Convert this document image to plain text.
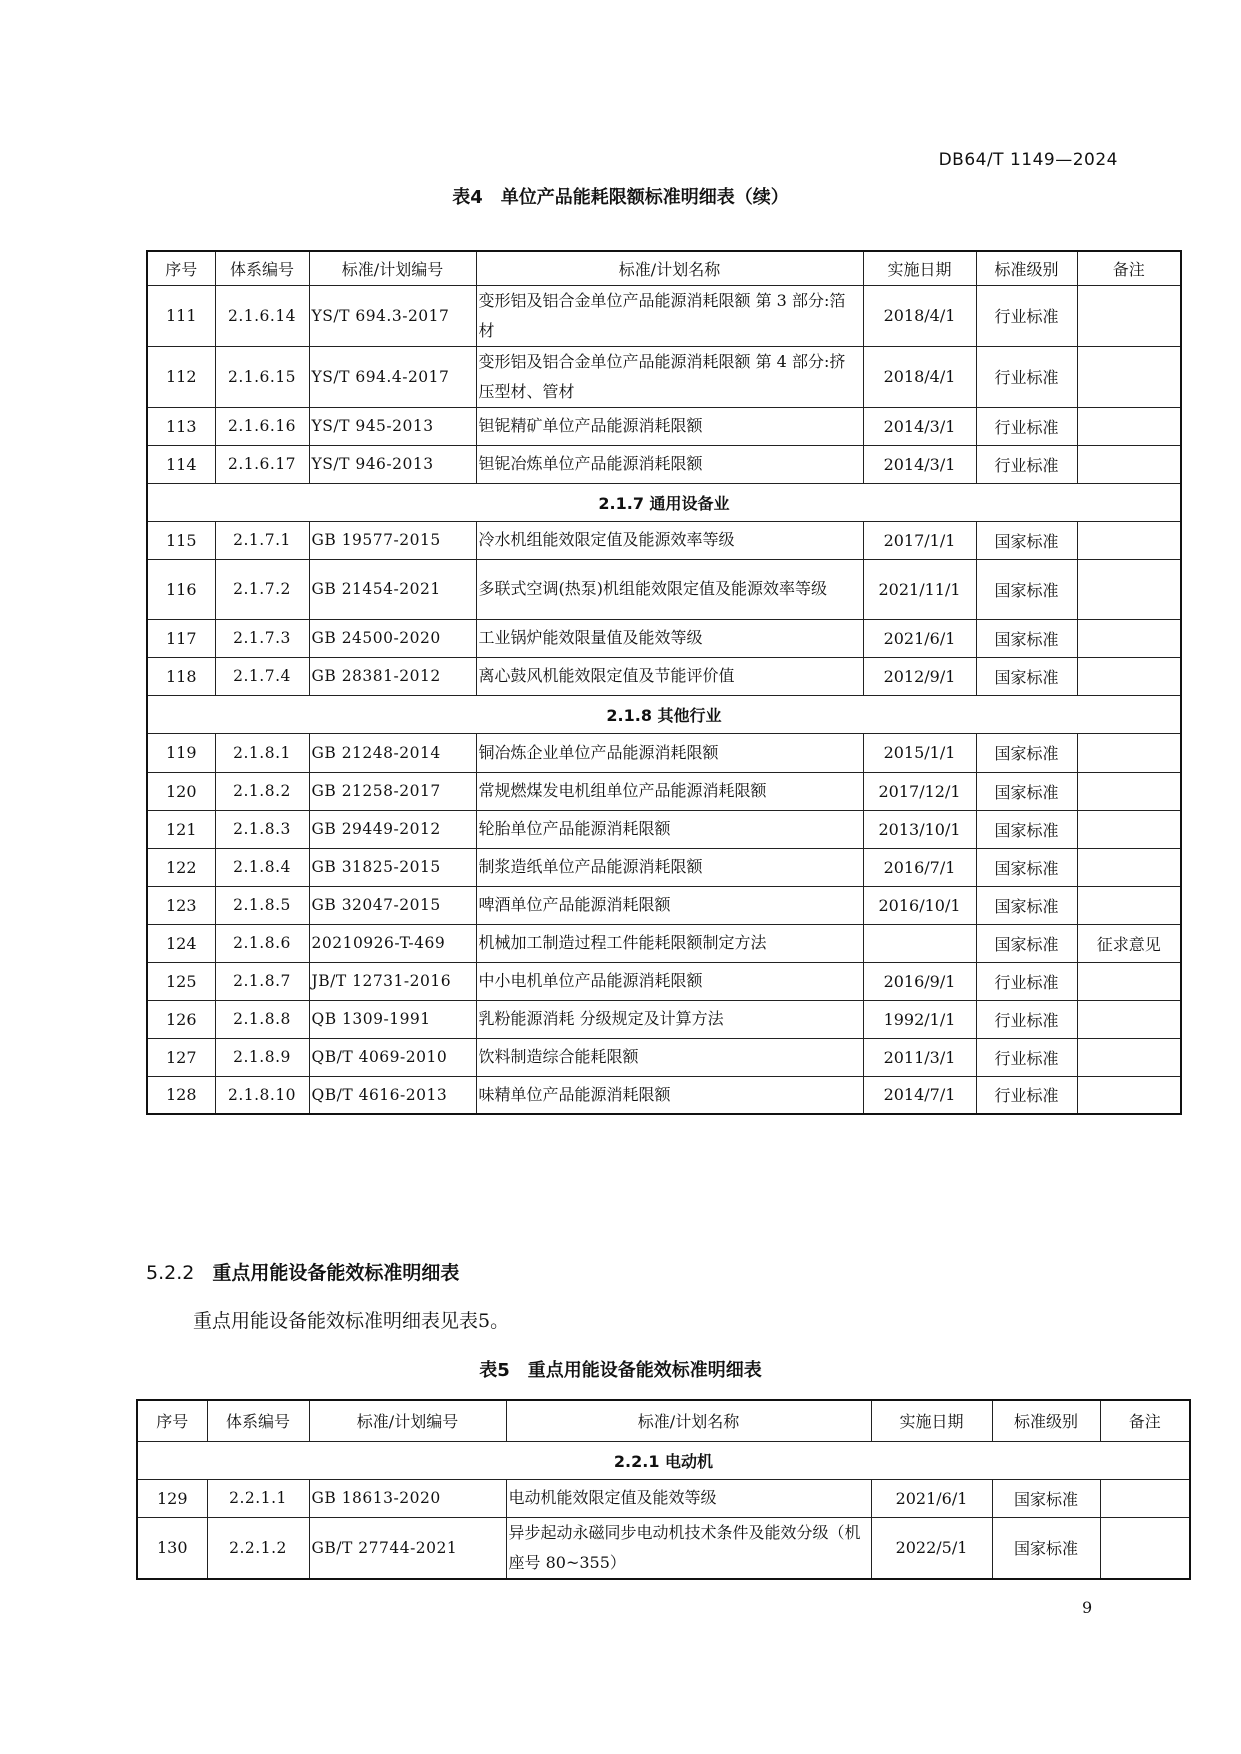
DB64/T 1149—2024
表4 单位产品能耗限额标准明细表（续）
序号	体系编号	标准/计划编号	标准/计划名称	实施日期	标准级别	备注
111	2.1.6.14	YS/T 694.3-2017	变形铝及铝合金单位产品能源消耗限额 第 3 部分:箔材	2018/4/1	行业标准	
112	2.1.6.15	YS/T 694.4-2017	变形铝及铝合金单位产品能源消耗限额 第 4 部分:挤压型材、管材	2018/4/1	行业标准	
113	2.1.6.16	YS/T 945-2013	钽铌精矿单位产品能源消耗限额	2014/3/1	行业标准	
114	2.1.6.17	YS/T 946-2013	钽铌冶炼单位产品能源消耗限额	2014/3/1	行业标准	
2.1.7 通用设备业						
115	2.1.7.1	GB 19577-2015	冷水机组能效限定值及能源效率等级	2017/1/1	国家标准	
116	2.1.7.2	GB 21454-2021	多联式空调(热泵)机组能效限定值及能源效率等级	2021/11/1	国家标准	
117	2.1.7.3	GB 24500-2020	工业锅炉能效限量值及能效等级	2021/6/1	国家标准	
118	2.1.7.4	GB 28381-2012	离心鼓风机能效限定值及节能评价值	2012/9/1	国家标准	
2.1.8 其他行业						
119	2.1.8.1	GB 21248-2014	铜冶炼企业单位产品能源消耗限额	2015/1/1	国家标准	
120	2.1.8.2	GB 21258-2017	常规燃煤发电机组单位产品能源消耗限额	2017/12/1	国家标准	
121	2.1.8.3	GB 29449-2012	轮胎单位产品能源消耗限额	2013/10/1	国家标准	
122	2.1.8.4	GB 31825-2015	制浆造纸单位产品能源消耗限额	2016/7/1	国家标准	
123	2.1.8.5	GB 32047-2015	啤酒单位产品能源消耗限额	2016/10/1	国家标准	
124	2.1.8.6	20210926-T-469	机械加工制造过程工件能耗限额制定方法		国家标准	征求意见
125	2.1.8.7	JB/T 12731-2016	中小电机单位产品能源消耗限额	2016/9/1	行业标准	
126	2.1.8.8	QB 1309-1991	乳粉能源消耗 分级规定及计算方法	1992/1/1	行业标准	
127	2.1.8.9	QB/T 4069-2010	饮料制造综合能耗限额	2011/3/1	行业标准	
128	2.1.8.10	QB/T 4616-2013	味精单位产品能源消耗限额	2014/7/1	行业标准	
5.2.2 重点用能设备能效标准明细表
重点用能设备能效标准明细表见表5。
表5 重点用能设备能效标准明细表
序号	体系编号	标准/计划编号	标准/计划名称	实施日期	标准级别	备注
2.2.1 电动机						
129	2.2.1.1	GB 18613-2020	电动机能效限定值及能效等级	2021/6/1	国家标准	
130	2.2.1.2	GB/T 27744-2021	异步起动永磁同步电动机技术条件及能效分级（机座号 80~355）	2022/5/1	国家标准	
9
